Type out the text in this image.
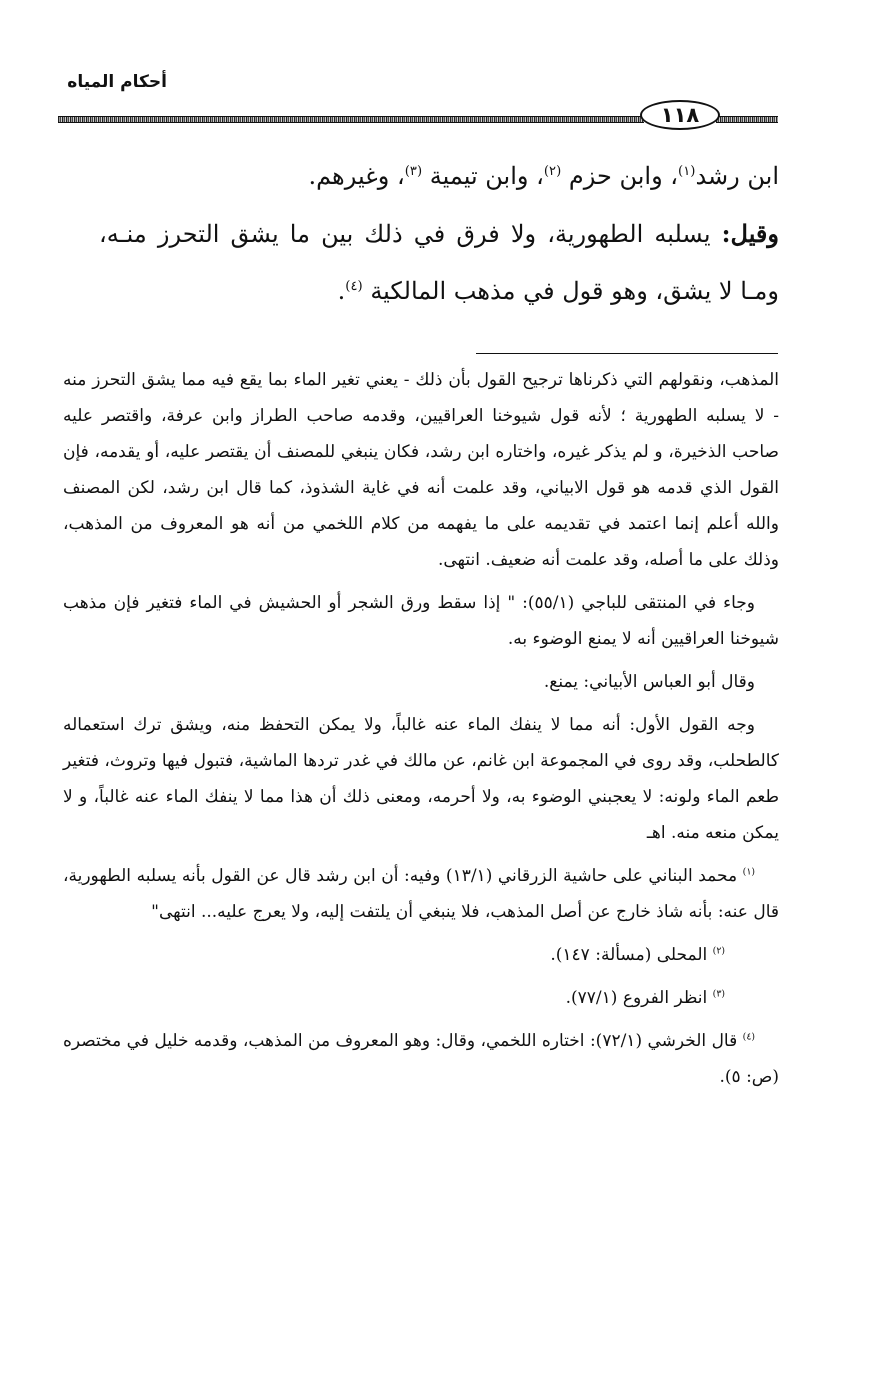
أحكام المياه
١١٨

ابن رشد$^{(١)}$، وابن حزم $^{(٢)}$، وابن تيمية $^{(٣)}$، وغيرهم.

وقيل: يسلبه الطهورية، ولا فرق في ذلك بين ما يشق التحرز منـه، ومـا لا يشق، وهو قول في مذهب المالكية $^{(٤)}$.

المذهب، ونقولهم التي ذكرناها ترجيح القول بأن ذلك - يعني تغير الماء بما يقع فيه مما يشق التحرز منه - لا يسلبه الطهورية ؛ لأنه قول شيوخنا العراقيين، وقدمه صاحب الطراز وابن عرفة، واقتصر عليه صاحب الذخيرة، و لم يذكر غيره، واختاره ابن رشد، فكان ينبغي للمصنف أن يقتصر عليه، أو يقدمه، فإن القول الذي قدمه هو قول الابياني، وقد علمت أنه في غاية الشذوذ، كما قال ابن رشد، لكن المصنف والله أعلم إنما اعتمد في تقديمه على ما يفهمه من كلام اللخمي من أنه هو المعروف من المذهب، وذلك على ما أصله، وقد علمت أنه ضعيف. انتهى.

وجاء في المنتقى للباجي (٥٥/١): " إذا سقط ورق الشجر أو الحشيش في الماء فتغير فإن مذهب شيوخنا العراقيين أنه لا يمنع الوضوء به.

وقال أبو العباس الأبياني: يمنع.

وجه القول الأول: أنه مما لا ينفك الماء عنه غالباً، ولا يمكن التحفظ منه، ويشق ترك استعماله كالطحلب، وقد روى في المجموعة ابن غانم، عن مالك في غدر تردها الماشية، فتبول فيها وتروث، فتغير طعم الماء ولونه: لا يعجبني الوضوء به، ولا أحرمه، ومعنى ذلك أن هذا مما لا ينفك الماء عنه غالباً، و لا يمكن منعه منه. اهـ

$^{(١)}$ محمد البناني على حاشية الزرقاني (١٣/١) وفيه: أن ابن رشد قال عن القول بأنه يسلبه الطهورية، قال عنه: بأنه شاذ خارج عن أصل المذهب، فلا ينبغي أن يلتفت إليه، ولا يعرج عليه... انتهى"

$^{(٢)}$ المحلى (مسألة: ١٤٧).

$^{(٣)}$ انظر الفروع (٧٧/١).

$^{(٤)}$ قال الخرشي (٧٢/١): اختاره اللخمي، وقال: وهو المعروف من المذهب، وقدمه خليل في مختصره (ص: ٥).
